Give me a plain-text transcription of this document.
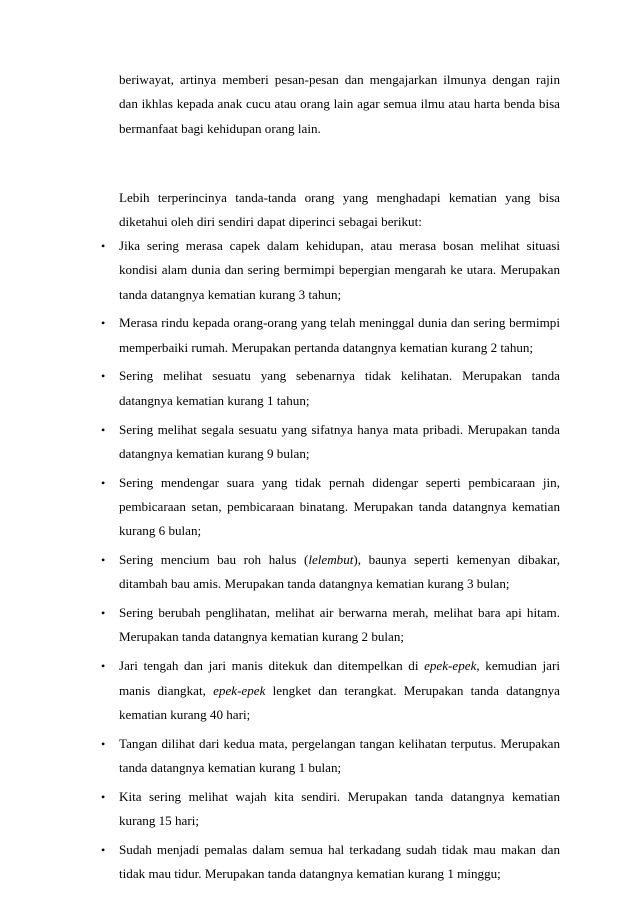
beriwayat, artinya memberi pesan-pesan dan mengajarkan ilmunya dengan rajin dan ikhlas kepada anak cucu atau orang lain agar semua ilmu atau harta benda bisa bermanfaat bagi kehidupan orang lain.

Lebih terperincinya tanda-tanda orang yang menghadapi kematian yang bisa diketahui oleh diri sendiri dapat diperinci sebagai berikut:

• Jika sering merasa capek dalam kehidupan, atau merasa bosan melihat situasi kondisi alam dunia dan sering bermimpi bepergian mengarah ke utara. Merupakan tanda datangnya kematian kurang 3 tahun;
• Merasa rindu kepada orang-orang yang telah meninggal dunia dan sering bermimpi memperbaiki rumah. Merupakan pertanda datangnya kematian kurang 2 tahun;
• Sering melihat sesuatu yang sebenarnya tidak kelihatan. Merupakan tanda datangnya kematian kurang 1 tahun;
• Sering melihat segala sesuatu yang sifatnya hanya mata pribadi. Merupakan tanda datangnya kematian kurang 9 bulan;
• Sering mendengar suara yang tidak pernah didengar seperti pembicaraan jin, pembicaraan setan, pembicaraan binatang. Merupakan tanda datangnya kematian kurang 6 bulan;
• Sering mencium bau roh halus (lelembut), baunya seperti kemenyan dibakar, ditambah bau amis. Merupakan tanda datangnya kematian kurang 3 bulan;
• Sering berubah penglihatan, melihat air berwarna merah, melihat bara api hitam. Merupakan tanda datangnya kematian kurang 2 bulan;
• Jari tengah dan jari manis ditekuk dan ditempelkan di epek-epek, kemudian jari manis diangkat, epek-epek lengket dan terangkat. Merupakan tanda datangnya kematian kurang 40 hari;
• Tangan dilihat dari kedua mata, pergelangan tangan kelihatan terputus. Merupakan tanda datangnya kematian kurang 1 bulan;
• Kita sering melihat wajah kita sendiri. Merupakan tanda datangnya kematian kurang 15 hari;
• Sudah menjadi pemalas dalam semua hal terkadang sudah tidak mau makan dan tidak mau tidur. Merupakan tanda datangnya kematian kurang 1 minggu;
